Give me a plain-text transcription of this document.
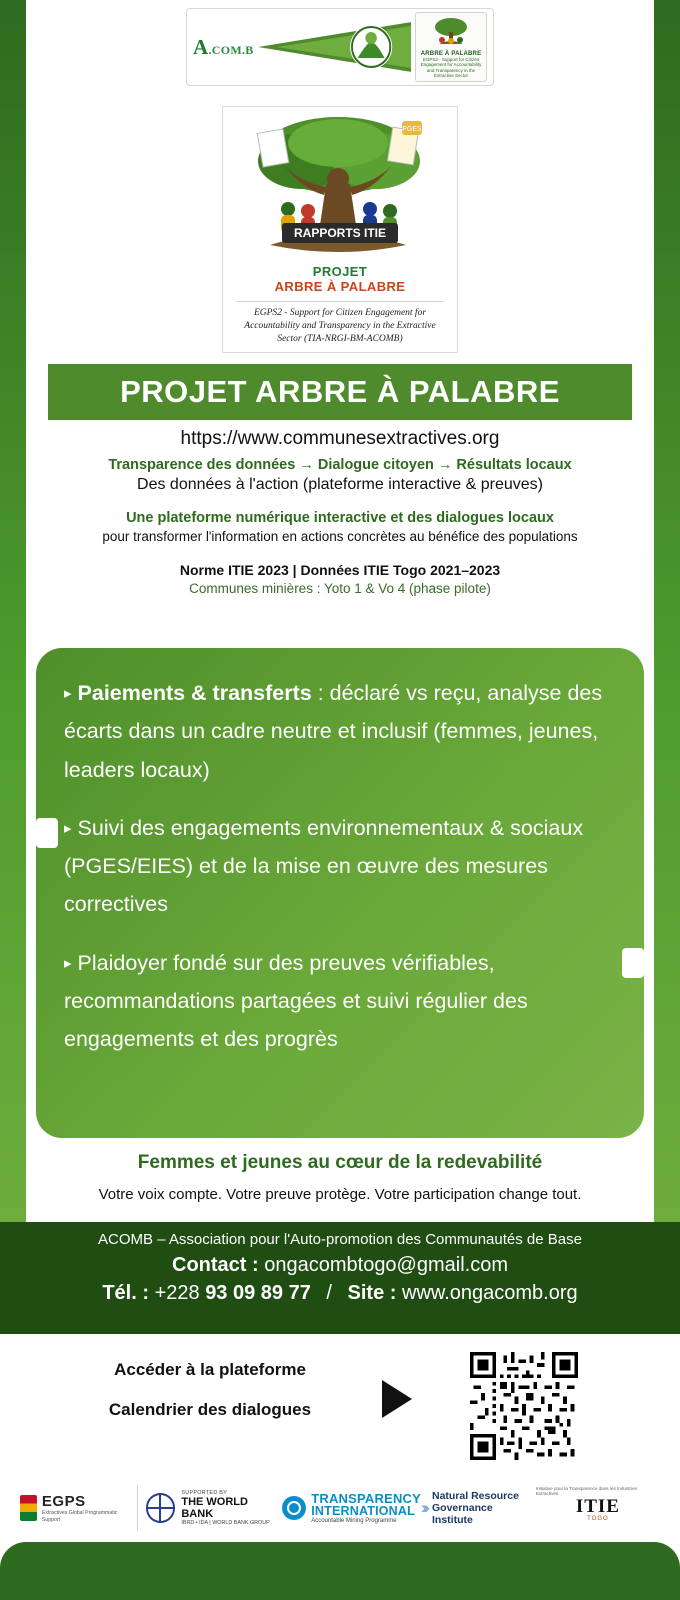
A.COM.B	ARBRE À PALABRE
EGPS2 - Support for Citizen Engagement for Accountability and Transparency in the Extractive Sector
PGES
RAPPORTS ITIE
PROJET
ARBRE À PALABRE
EGPS2 - Support for Citizen Engagement for Accountability and Transparency in the Extractive Sector (TIA-NRGI-BM-ACOMB)
PROJET ARBRE À PALABRE
https://www.communesextractives.org
Transparence des données → Dialogue citoyen → Résultats locaux
Des données à l'action (plateforme interactive & preuves)
Une plateforme numérique interactive et des dialogues locaux
pour transformer l'information en actions concrètes au bénéfice des populations
Norme ITIE 2023 | Données ITIE Togo 2021–2023
Communes minières : Yoto 1 & Vo 4 (phase pilote)
▸ Paiements & transferts : déclaré vs reçu, analyse des écarts dans un cadre neutre et inclusif (femmes, jeunes, leaders locaux)
▸ Suivi des engagements environnementaux & sociaux (PGES/EIES) et de la mise en œuvre des mesures correctives
▸ Plaidoyer fondé sur des preuves vérifiables, recommandations partagées et suivi régulier des engagements et des progrès
Femmes et jeunes au cœur de la redevabilité
Votre voix compte. Votre preuve protège. Votre participation change tout.
ACOMB – Association pour l'Auto-promotion des Communautés de Base
Contact : ongacombtogo@gmail.com
Tél. : +228 93 09 89 77 / Site : www.ongacomb.org
Accéder à la plateforme
Calendrier des dialogues
EGPS
Extractives Global Programmatic Support
SUPPORTED BY
THE WORLD BANK
IBRD • IDA | WORLD BANK GROUP
TRANSPARENCY
INTERNATIONAL
Accountable Mining Programme
›››
Natural Resource
Governance Institute
Initiative pour la Transparence dans les Industries Extractives
ITIE
TOGO
